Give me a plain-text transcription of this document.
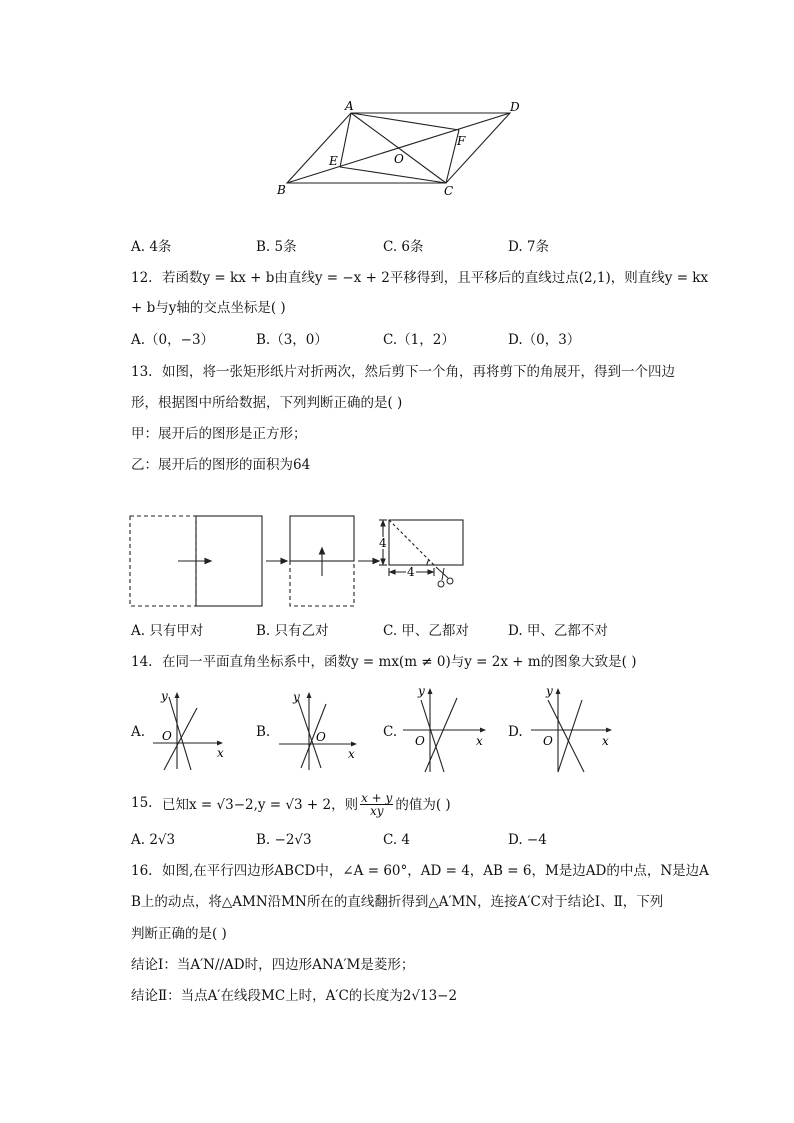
A	D
B	C
E
F
O
A. 4条	B. 5条	C. 6条	D. 7条
12. 若函数y = kx + b由直线y = −x + 2平移得到，且平移后的直线过点(2,1)，则直线y = kx
+ b与y轴的交点坐标是( )
A.（0，−3）	B.（3，0）	C.（1，2）	D.（0，3）
13. 如图，将一张矩形纸片对折两次，然后剪下一个角，再将剪下的角展开，得到一个四边
形，根据图中所给数据，下列判断正确的是( )
甲：展开后的图形是正方形；
乙：展开后的图形的面积为64
4
4
A. 只有甲对	B. 只有乙对	C. 甲、乙都对	D. 甲、乙都不对
14. 在同一平面直角坐标系中，函数y = mx(m ≠ 0)与y = 2x + m的图象大致是( )
A.	B.	C.	D.
y
O
x
y
O
x
y
O	x
y
O	x
15. 已知x = √3−2,y = √3 + 2，则 $\frac{x + y}{xy}$ 的值为( )
A. 2√3	B. −2√3	C. 4	D. −4
16. 如图,在平行四边形ABCD中，∠A = 60°，AD = 4，AB = 6，M是边AD的中点，N是边A
B上的动点，将△AMN沿MN所在的直线翻折得到△A′MN，连接A′C对于结论Ⅰ、Ⅱ，下列
判断正确的是( )
结论Ⅰ：当A′N//AD时，四边形ANA′M是菱形；
结论Ⅱ：当点A′在线段MC上时，A′C的长度为2√13−2
